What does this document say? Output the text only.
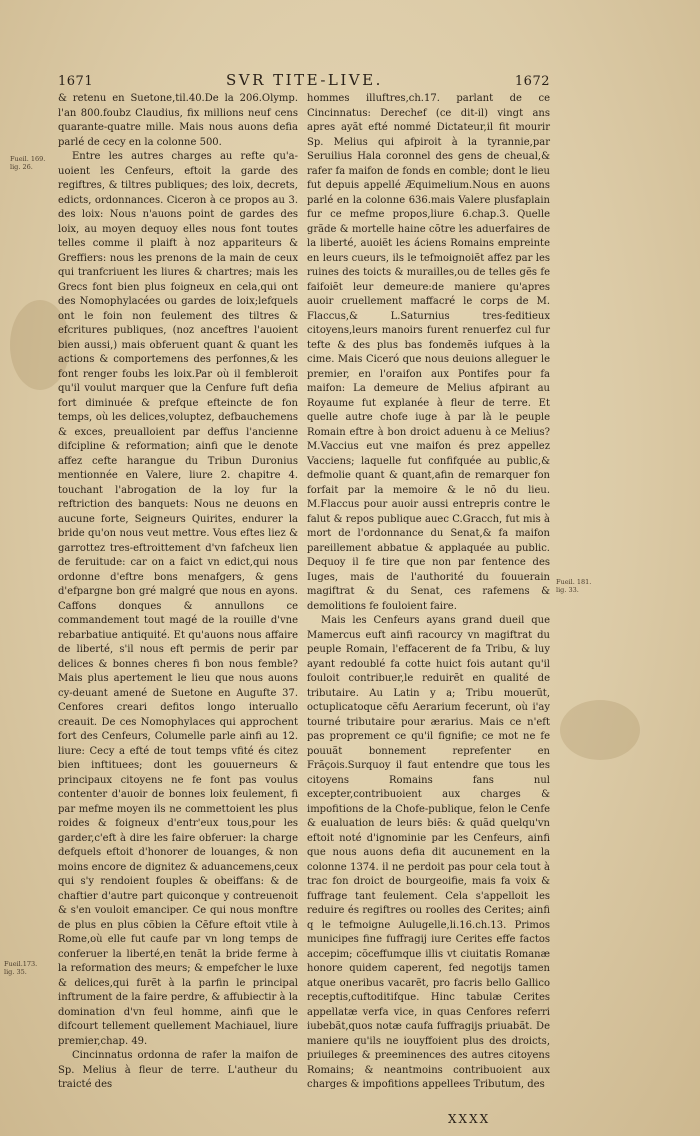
1671	SVR TITE-LIVE.	1672
Fueil. 169. lig. 26.
Fueil. 181. lig. 33.
Fueil.173. lig. 35.

& retenu en Suetone,til.40.De la 206.Olymp. l'an 800.foubz Claudius, fix millions neuf cens quarante-quatre mille. Mais nous auons defia parlé de cecy en la colonne 500.

Entre les autres charges au refte qu'a-uoient les Cenfeurs, eftoit la garde des regiftres, & tiltres publiques; des loix, decrets, edicts, ordonnances. Ciceron à ce propos au 3. des loix: Nous n'auons point de gardes des loix, au moyen dequoy elles nous font toutes telles comme il plaift à noz appariteurs & Greffiers: nous les prenons de la main de ceux qui tranfcriuent les liures & chartres; mais les Grecs font bien plus foigneux en cela,qui ont des Nomophylacées ou gardes de loix;lefquels ont le foin non feulement des tiltres & efcritures publiques, (noz anceftres l'auoient bien aussi,) mais obferuent quant & quant les actions & comportemens des perfonnes,& les font renger foubs les loix.Par où il fembleroit qu'il voulut marquer que la Cenfure fuft defia fort diminuée & prefque efteincte de fon temps, où les delices,voluptez, defbauchemens & exces, preualloient par deffus l'ancienne difcipline & reformation; ainfi que le denote affez cefte harangue du Tribun Duronius mentionnée en Valere, liure 2. chapitre 4. touchant l'abrogation de la loy fur la reftriction des banquets: Nous ne deuons en aucune forte, Seigneurs Quirites, endurer la bride qu'on nous veut mettre. Vous eftes liez & garrottez tres-eftroittement d'vn fafcheux lien de feruitude: car on a faict vn edict,qui nous ordonne d'eftre bons menafgers, & gens d'efpargne bon gré malgré que nous en ayons. Caffons donques & annullons ce commandement tout magé de la rouille d'vne rebarbatiue antiquité. Et qu'auons nous affaire de liberté, s'il nous eft permis de perir par delices & bonnes cheres fi bon nous femble? Mais plus apertement le lieu que nous auons cy-deuant amené de Suetone en Augufte 37. Cenfores creari defitos longo interuallo creauit. De ces Nomophylaces qui approchent fort des Cenfeurs, Columelle parle ainfi au 12. liure: Cecy a efté de tout temps vfité és citez bien inftituees; dont les gouuerneurs & principaux citoyens ne fe font pas voulus contenter d'auoir de bonnes loix feulement, fi par mefme moyen ils ne commettoient les plus roides & foigneux d'entr'eux tous,pour les garder,c'eft à dire les faire obferuer: la charge defquels eftoit d'honorer de louanges, & non moins encore de dignitez & aduancemens,ceux qui s'y rendoient fouples & obeiffans: & de chaftier d'autre part quiconque y contreuenoit & s'en vouloit emanciper. Ce qui nous monftre de plus en plus cõbien la Cẽfure eftoit vtile à Rome,où elle fut caufe par vn long temps de conferuer la liberté,en tenãt la bride ferme à la reformation des meurs; & empefcher le luxe & delices,qui furẽt à la parfin le principal inftrument de la faire perdre, & affubiectir à la domination d'vn feul homme, ainfi que le difcourt tellement quellement Machiauel, liure premier,chap. 49.

Cincinnatus ordonna de rafer la maifon de Sp. Melius à fleur de terre. L'autheur du traicté des

hommes illuftres,ch.17. parlant de ce Cincinnatus: Derechef (ce dit-il) vingt ans apres ayãt efté nommé Dictateur,il fit mourir Sp. Melius qui afpiroit à la tyrannie,par Seruilius Hala coronnel des gens de cheual,& rafer fa maifon de fonds en comble; dont le lieu fut depuis appellé Æquimelium.Nous en auons parlé en la colonne 636.mais Valere plusfaplain fur ce mefme propos,liure 6.chap.3. Quelle grãde & mortelle haine cõtre les aduerfaires de la liberté, auoiẽt les áciens Romains empreinte en leurs cueurs, ils le tefmoignoiẽt affez par les ruines des toicts & murailles,ou de telles gẽs fe faifoiẽt leur demeure:de maniere qu'apres auoir cruellement maffacré le corps de M. Flaccus,& L.Saturnius tres-feditieux citoyens,leurs manoirs furent renuerfez cul fur tefte & des plus bas fondemẽs iufques à la cime. Mais Ciceró que nous deuions alleguer le premier, en l'oraifon aux Pontifes pour fa maifon: La demeure de Melius afpirant au Royaume fut explanée à fleur de terre. Et quelle autre chofe iuge à par là le peuple Romain eftre à bon droict aduenu à ce Melius? M.Vaccius eut vne maifon és prez appellez Vacciens; laquelle fut confifquée au public,& defmolie quant & quant,afin de remarquer fon forfait par la memoire & le nõ du lieu. M.Flaccus pour auoir aussi entrepris contre le falut & repos publique auec C.Gracch, fut mis à mort de l'ordonnance du Senat,& fa maifon pareillement abbatue & applaquée au public. Dequoy il fe tire que non par fentence des Iuges, mais de l'authorité du fouuerain magiftrat & du Senat, ces rafemens & demolitions fe fouloient faire.

Mais les Cenfeurs ayans grand dueil que Mamercus euft ainfi racourcy vn magiftrat du peuple Romain, l'effacerent de fa Tribu, & luy ayant redoublé fa cotte huict fois autant qu'il fouloit contribuer,le reduirẽt en qualité de tributaire. Au Latin y a; Tribu mouerũt, octuplicatoque cẽfu Aerarium fecerunt, où i'ay tourné tributaire pour ærarius. Mais ce n'eft pas proprement ce qu'il fignifie; ce mot ne fe pouuãt bonnement reprefenter en Frãçois.Surquoy il faut entendre que tous les citoyens Romains fans nul excepter,contribuoient aux charges & impofitions de la Chofe-publique, felon le Cenfe & eualuation de leurs biẽs: & quãd quelqu'vn eftoit noté d'ignominie par les Cenfeurs, ainfi que nous auons defia dit aucunement en la colonne 1374. il ne perdoit pas pour cela tout à trac fon droict de bourgeoifie, mais fa voix & fuffrage tant feulement. Cela s'appelloit les reduire és regiftres ou roolles des Cerites; ainfi q le tefmoigne Aulugelle,li.16.ch.13. Primos municipes fine fuffragij iure Cerites effe factos accepim; cõceffumque illis vt ciuitatis Romanæ honore quidem caperent, fed negotijs tamen atque oneribus vacarẽt, pro facris bello Gallico receptis,cuftoditifque. Hinc tabulæ Cerites appellatæ verfa vice, in quas Cenfores referri iubebãt,quos notæ caufa fuffragijs priuabãt. De maniere qu'ils ne iouyffoient plus des droicts, priuileges & preeminences des autres citoyens Romains; & neantmoins contribuoient aux charges & impofitions appellees Tributum, des

XXXX
